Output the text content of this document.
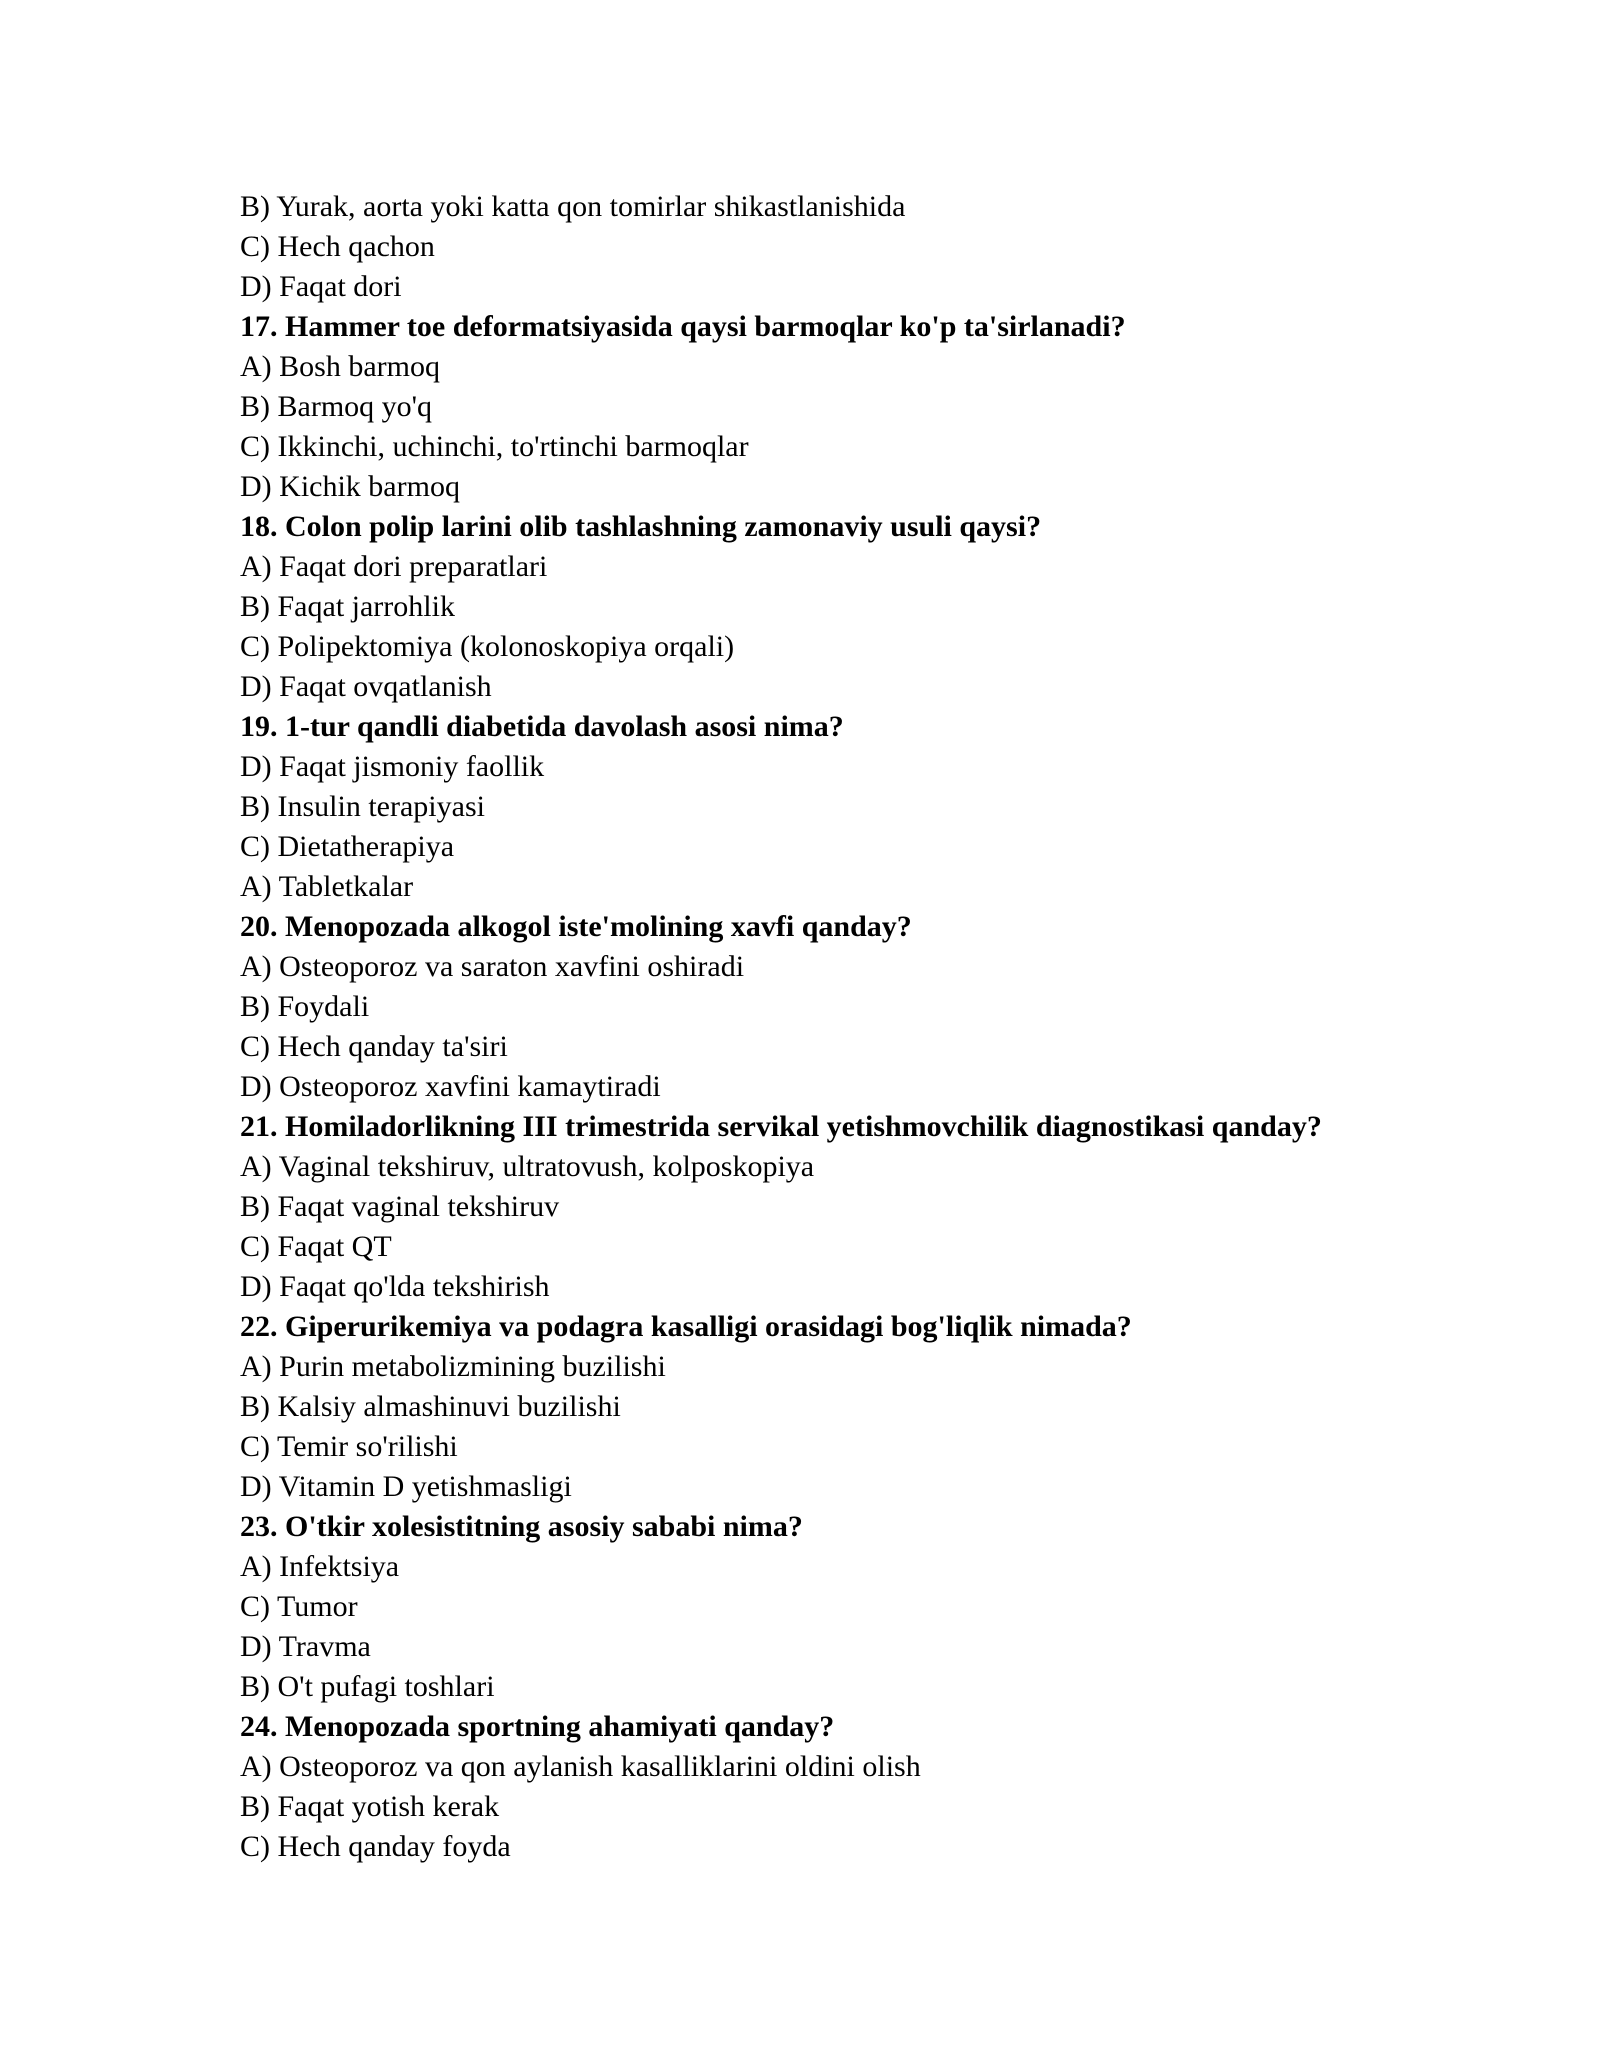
B) Yurak, aorta yoki katta qon tomirlar shikastlanishida
C) Hech qachon
D) Faqat dori
17. Hammer toe deformatsiyasida qaysi barmoqlar ko'p ta'sirlanadi?
A) Bosh barmoq
B) Barmoq yo'q
C) Ikkinchi, uchinchi, to'rtinchi barmoqlar
D) Kichik barmoq
18. Colon polip larini olib tashlashning zamonaviy usuli qaysi?
A) Faqat dori preparatlari
B) Faqat jarrohlik
C) Polipektomiya (kolonoskopiya orqali)
D) Faqat ovqatlanish
19. 1-tur qandli diabetida davolash asosi nima?
D) Faqat jismoniy faollik
B) Insulin terapiyasi
C) Dietatherapiya
A) Tabletkalar
20. Menopozada alkogol iste'molining xavfi qanday?
A) Osteoporoz va saraton xavfini oshiradi
B) Foydali
C) Hech qanday ta'siri
D) Osteoporoz xavfini kamaytiradi
21. Homiladorlikning III trimestrida servikal yetishmovchilik diagnostikasi qanday?
A) Vaginal tekshiruv, ultratovush, kolposkopiya
B) Faqat vaginal tekshiruv
C) Faqat QT
D) Faqat qo'lda tekshirish
22. Giperurikemiya va podagra kasalligi orasidagi bog'liqlik nimada?
A) Purin metabolizmining buzilishi
B) Kalsiy almashinuvi buzilishi
C) Temir so'rilishi
D) Vitamin D yetishmasligi
23. O'tkir xolesistitning asosiy sababi nima?
A) Infektsiya
C) Tumor
D) Travma
B) O't pufagi toshlari
24. Menopozada sportning ahamiyati qanday?
A) Osteoporoz va qon aylanish kasalliklarini oldini olish
B) Faqat yotish kerak
C) Hech qanday foyda
